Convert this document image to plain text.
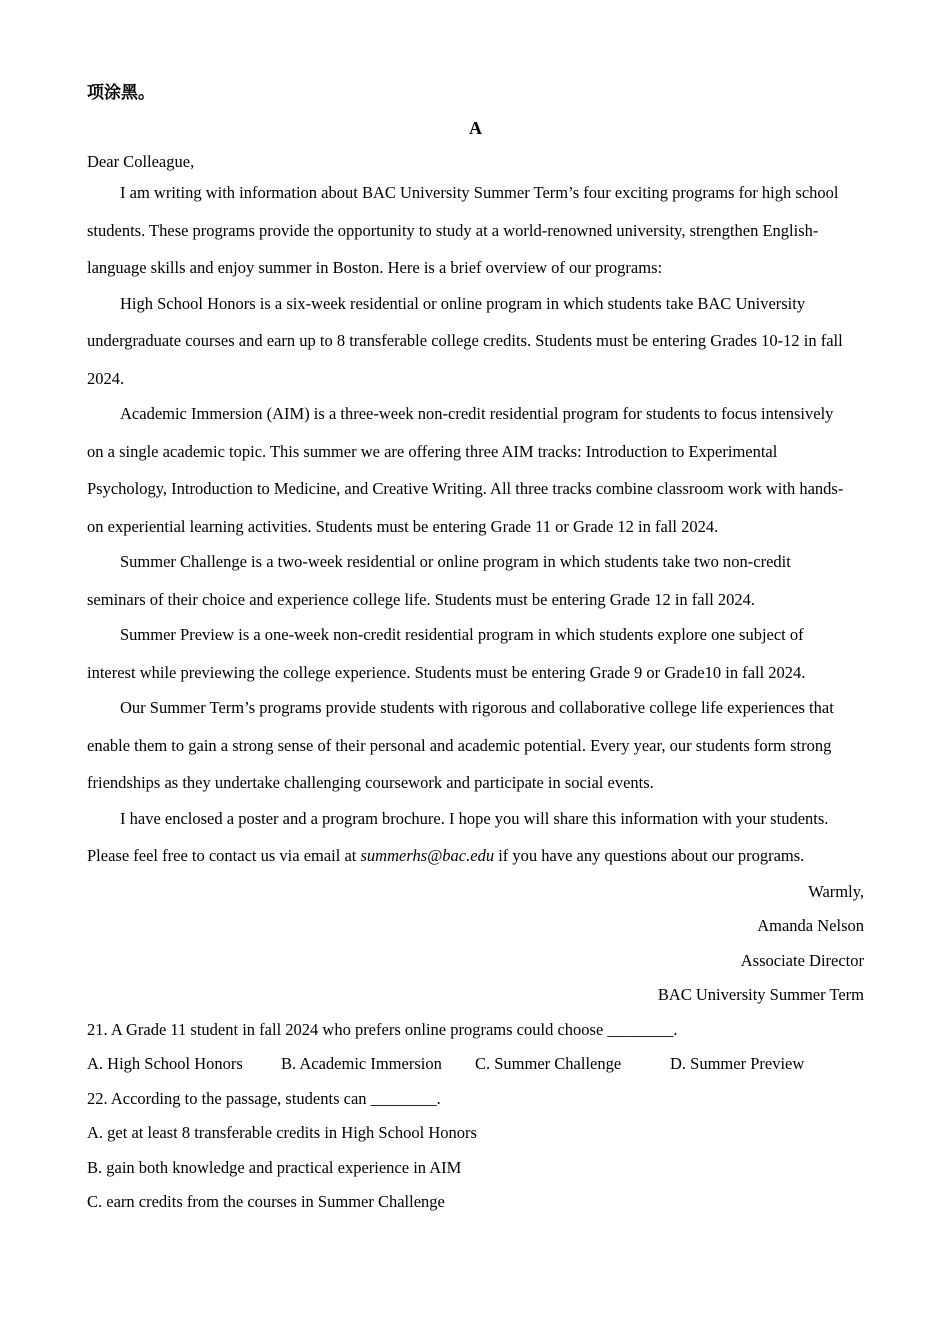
项涂黑。
A
Dear Colleague,
I am writing with information about BAC University Summer Term’s four exciting programs for high school
students. These programs provide the opportunity to study at a world-renowned university, strengthen English-
language skills and enjoy summer in Boston. Here is a brief overview of our programs:
High School Honors is a six-week residential or online program in which students take BAC University
undergraduate courses and earn up to 8 transferable college credits. Students must be entering Grades 10-12 in fall
2024.
Academic Immersion (AIM) is a three-week non-credit residential program for students to focus intensively
on a single academic topic. This summer we are offering three AIM tracks: Introduction to Experimental
Psychology, Introduction to Medicine, and Creative Writing. All three tracks combine classroom work with hands-
on experiential learning activities. Students must be entering Grade 11 or Grade 12 in fall 2024.
Summer Challenge is a two-week residential or online program in which students take two non-credit
seminars of their choice and experience college life. Students must be entering Grade 12 in fall 2024.
Summer Preview is a one-week non-credit residential program in which students explore one subject of
interest while previewing the college experience. Students must be entering Grade 9 or Grade10 in fall 2024.
Our Summer Term’s programs provide students with rigorous and collaborative college life experiences that
enable them to gain a strong sense of their personal and academic potential. Every year, our students form strong
friendships as they undertake challenging coursework and participate in social events.
I have enclosed a poster and a program brochure. I hope you will share this information with your students.
Please feel free to contact us via email at summerhs@bac.edu if you have any questions about our programs.
Warmly,
Amanda Nelson
Associate Director
BAC University Summer Term
21. A Grade 11 student in fall 2024 who prefers online programs could choose ________.
A. High School Honors	B. Academic Immersion	C. Summer Challenge	D. Summer Preview
22. According to the passage, students can ________.
A. get at least 8 transferable credits in High School Honors
B. gain both knowledge and practical experience in AIM
C. earn credits from the courses in Summer Challenge
